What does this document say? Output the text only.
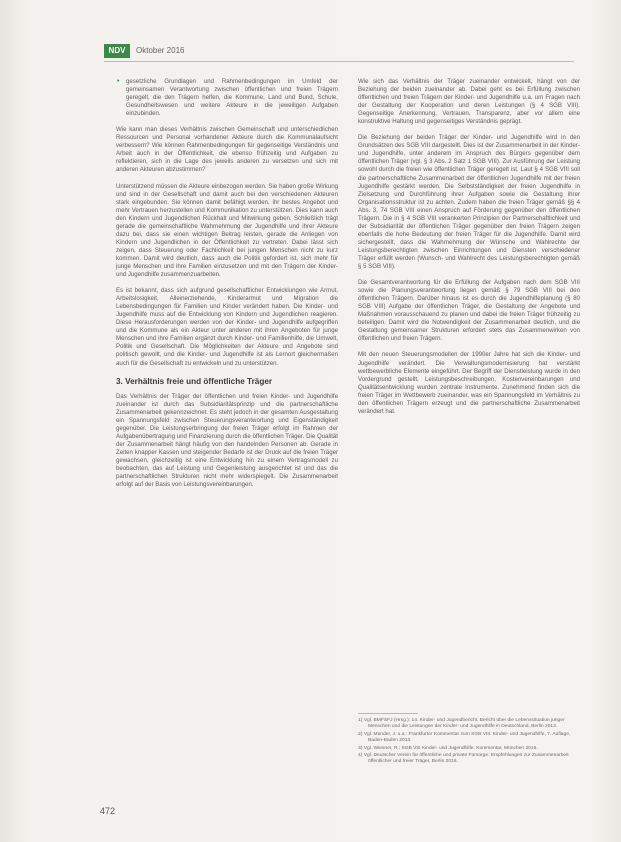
NDV	Oktober 2016
• gesetzliche Grundlagen und Rahmenbedingungen im Umfeld der gemeinsamen Verantwortung zwischen öffentlichen und freien Trägern geregelt, die den Trägern helfen, die Kommune, Land und Bund, Schule, Gesundheitswesen und weitere Akteure in die jeweiligen Aufgaben einzubinden.

Wie kann man dieses Verhältnis zwischen Gemeinschaft und unterschiedlichen Ressourcen und Personal vorhandener Akteure durch die Kommunalaufsicht verbessern? Wie können Rahmenbedingungen für gegenseitige Verständnis und Arbeit auch in der Öffentlichkeit, die ebenso frühzeitig und Aufgaben zu reflektieren, sich in die Lage des jeweils anderen zu versetzen und sich mit anderen Akteuren abzustimmen?

Unterstützend müssen die Akteure einbezogen werden. Sie haben große Wirkung und sind in der Gesellschaft und damit auch bei den verschiedenen Akteuren stark eingebunden. Sie können damit befähigt werden, ihr bestes Angebot und mehr Vertrauen herzustellen und Kommunikation zu unterstützen. Dies kann auch den Kindern und Jugendlichen Rückhalt und Mitwirkung geben. Schließlich trägt gerade die gemeinschaftliche Wahrnehmung der Jugendhilfe und ihrer Akteure dazu bei, dass sie einen wichtigen Beitrag leisten, gerade die Anliegen von Kindern und Jugendlichen in der Öffentlichkeit zu vertreten. Dabei lässt sich zeigen, dass Steuerung oder Fachlichkeit bei jungen Menschen nicht zu kurz kommen. Damit wird deutlich, dass auch die Politik gefordert ist, sich mehr für junge Menschen und ihre Familien einzusetzen und mit den Trägern der Kinder- und Jugendhilfe zusammenzuarbeiten.

Es ist bekannt, dass sich aufgrund gesellschaftlicher Entwicklungen wie Armut, Arbeitslosigkeit, Alleinerziehende, Kinderarmut und Migration die Lebensbedingungen für Familien und Kinder verändert haben. Die Kinder- und Jugendhilfe muss auf die Entwicklung von Kindern und Jugendlichen reagieren. Diese Herausforderungen werden von der Kinder- und Jugendhilfe aufgegriffen und die Kommune als ein Akteur unter anderen mit ihren Angeboten für junge Menschen und ihre Familien ergänzt durch Kinder- und Familienhilfe, die Umwelt, Politik und Gesellschaft. Die Möglichkeiten der Akteure und Angebote sind politisch gewollt, und die Kinder- und Jugendhilfe ist als Lernort gleichermaßen auch für die Gesellschaft zu entwickeln und zu unterstützen.

3. Verhältnis freie und öffentliche Träger

Das Verhältnis der Träger der öffentlichen und freien Kinder- und Jugendhilfe zueinander ist durch das Subsidiaritätsprinzip und die partnerschaftliche Zusammenarbeit gekennzeichnet. Es steht jedoch in der gesamten Ausgestaltung ein Spannungsfeld zwischen Steuerungsverantwortung und Eigenständigkeit gegenüber. Die Leistungserbringung der freien Träger erfolgt im Rahmen der Aufgabenübertragung und Finanzierung durch die öffentlichen Träger. Die Qualität der Zusammenarbeit hängt häufig von den handelnden Personen ab. Gerade in Zeiten knapper Kassen und steigender Bedarfe ist der Druck auf die freien Träger gewachsen, gleichzeitig ist eine Entwicklung hin zu einem Vertragsmodell zu beobachten, das auf Leistung und Gegenleistung ausgerichtet ist und das die partnerschaftlichen Strukturen nicht mehr widerspiegelt. Die Zusammenarbeit erfolgt auf der Basis von Leistungsvereinbarungen.

Wie sich das Verhältnis der Träger zueinander entwickelt, hängt von der Beziehung der beiden zueinander ab. Dabei geht es bei Erfüllung zwischen öffentlichen und freien Trägern der Kinder- und Jugendhilfe u.a. um Fragen nach der Gestaltung der Kooperation und deren Leistungen (§ 4 SGB VIII). Gegenseitige Anerkennung, Vertrauen, Transparenz, aber vor allem eine konstruktive Haltung und gegenseitiges Verständnis geprägt.

Die Beziehung der beiden Träger der Kinder- und Jugendhilfe wird in den Grundsätzen des SGB VIII dargestellt. Dies ist der Zusammenarbeit in der Kinder- und Jugendhilfe, unter anderem im Anspruch des Bürgers gegenüber dem öffentlichen Träger (vgl. § 3 Abs. 2 Satz 1 SGB VIII). Zur Ausführung der Leistung sowohl durch die freien wie öffentlichen Träger geregelt ist. Laut § 4 SGB VIII soll die partnerschaftliche Zusammenarbeit der öffentlichen Jugendhilfe mit der freien Jugendhilfe gestärkt werden. Die Selbstständigkeit der freien Jugendhilfe in Zielsetzung und Durchführung ihrer Aufgaben sowie die Gestaltung ihrer Organisationsstruktur ist zu achten. Zudem haben die freien Träger gemäß §§ 4 Abs. 3, 74 SGB VIII einen Anspruch auf Förderung gegenüber den öffentlichen Trägern. Die in § 4 SGB VIII verankerten Prinzipien der Partnerschaftlichkeit und der Subsidiarität der öffentlichen Träger gegenüber den freien Trägern zeigen ebenfalls die hohe Bedeutung der freien Träger für die Jugendhilfe. Damit wird sichergestellt, dass die Wahrnehmung der Wünsche und Wahlrechte der Leistungsberechtigten zwischen Einrichtungen und Diensten verschiedener Träger erfüllt werden (Wunsch- und Wahlrecht des Leistungsberechtigten gemäß § 5 SGB VIII).

Die Gesamtverantwortung für die Erfüllung der Aufgaben nach dem SGB VIII sowie die Planungsverantwortung liegen gemäß § 79 SGB VIII bei den öffentlichen Trägern. Darüber hinaus ist es durch die Jugendhilfeplanung (§ 80 SGB VIII) Aufgabe der öffentlichen Träger, die Gestaltung der Angebote und Maßnahmen vorausschauend zu planen und dabei die freien Träger frühzeitig zu beteiligen. Damit wird die Notwendigkeit der Zusammenarbeit deutlich, und die Gestaltung gemeinsamer Strukturen erfordert stets das Zusammenwirken von öffentlichen und freien Trägern.

Mit den neuen Steuerungsmodellen der 1990er Jahre hat sich die Kinder- und Jugendhilfe verändert. Die Verwaltungsmodernisierung hat verstärkt wettbewerbliche Elemente eingeführt. Der Begriff der Dienstleistung wurde in den Vordergrund gestellt, Leistungsbeschreibungen, Kostenvereinbarungen und Qualitätsentwicklung wurden zentrale Instrumente. Zunehmend finden sich die freien Träger im Wettbewerb zueinander, was ein Spannungsfeld im Verhältnis zu den öffentlichen Trägern erzeugt und die partnerschaftliche Zusammenarbeit verändert hat.

1) Vgl. BMFSFJ (Hrsg.): 14. Kinder- und Jugendbericht. Bericht über die Lebenssituation junger Menschen und die Leistungen der Kinder- und Jugendhilfe in Deutschland, Berlin 2013.
2) Vgl. Münder, J. u.a.: Frankfurter Kommentar zum SGB VIII. Kinder- und Jugendhilfe, 7. Auflage, Baden-Baden 2013.
3) Vgl. Wiesner, R.: SGB VIII Kinder- und Jugendhilfe. Kommentar, München 2015.
4) Vgl. Deutscher Verein für öffentliche und private Fürsorge: Empfehlungen zur Zusammenarbeit öffentlicher und freier Träger, Berlin 2016.
472
